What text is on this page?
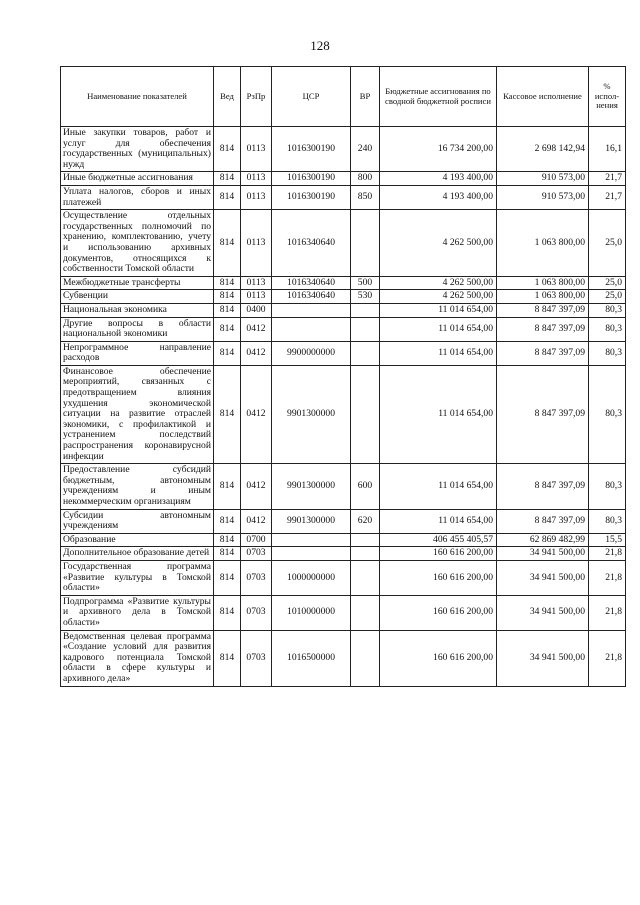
128
Наименование показателей	Вед	РзПр	ЦСР	ВР	Бюджетные ассигнования по сводной бюджетной росписи	Кассовое исполнение	% испол-нения
Иные закупки товаров, работ и услуг для обеспечения государственных (муниципальных) нужд	814	0113	1016300190	240	16 734 200,00	2 698 142,94	16,1
Иные бюджетные ассигнования	814	0113	1016300190	800	4 193 400,00	910 573,00	21,7
Уплата налогов, сборов и иных платежей	814	0113	1016300190	850	4 193 400,00	910 573,00	21,7
Осуществление отдельных государственных полномочий по хранению, комплектованию, учету и использованию архивных документов, относящихся к собственности Томской области	814	0113	1016340640		4 262 500,00	1 063 800,00	25,0
Межбюджетные трансферты	814	0113	1016340640	500	4 262 500,00	1 063 800,00	25,0
Субвенции	814	0113	1016340640	530	4 262 500,00	1 063 800,00	25,0
Национальная экономика	814	0400			11 014 654,00	8 847 397,09	80,3
Другие вопросы в области национальной экономики	814	0412			11 014 654,00	8 847 397,09	80,3
Непрограммное направление расходов	814	0412	9900000000		11 014 654,00	8 847 397,09	80,3
Финансовое обеспечение мероприятий, связанных с предотвращением влияния ухудшения экономической ситуации на развитие отраслей экономики, с профилактикой и устранением последствий распространения коронавирусной инфекции	814	0412	9901300000		11 014 654,00	8 847 397,09	80,3
Предоставление субсидий бюджетным, автономным учреждениям и иным некоммерческим организациям	814	0412	9901300000	600	11 014 654,00	8 847 397,09	80,3
Субсидии автономным учреждениям	814	0412	9901300000	620	11 014 654,00	8 847 397,09	80,3
Образование	814	0700			406 455 405,57	62 869 482,99	15,5
Дополнительное образование детей	814	0703			160 616 200,00	34 941 500,00	21,8
Государственная программа «Развитие культуры в Томской области»	814	0703	1000000000		160 616 200,00	34 941 500,00	21,8
Подпрограмма «Развитие культуры и архивного дела в Томской области»	814	0703	1010000000		160 616 200,00	34 941 500,00	21,8
Ведомственная целевая программа «Создание условий для развития кадрового потенциала Томской области в сфере культуры и архивного дела»	814	0703	1016500000		160 616 200,00	34 941 500,00	21,8
